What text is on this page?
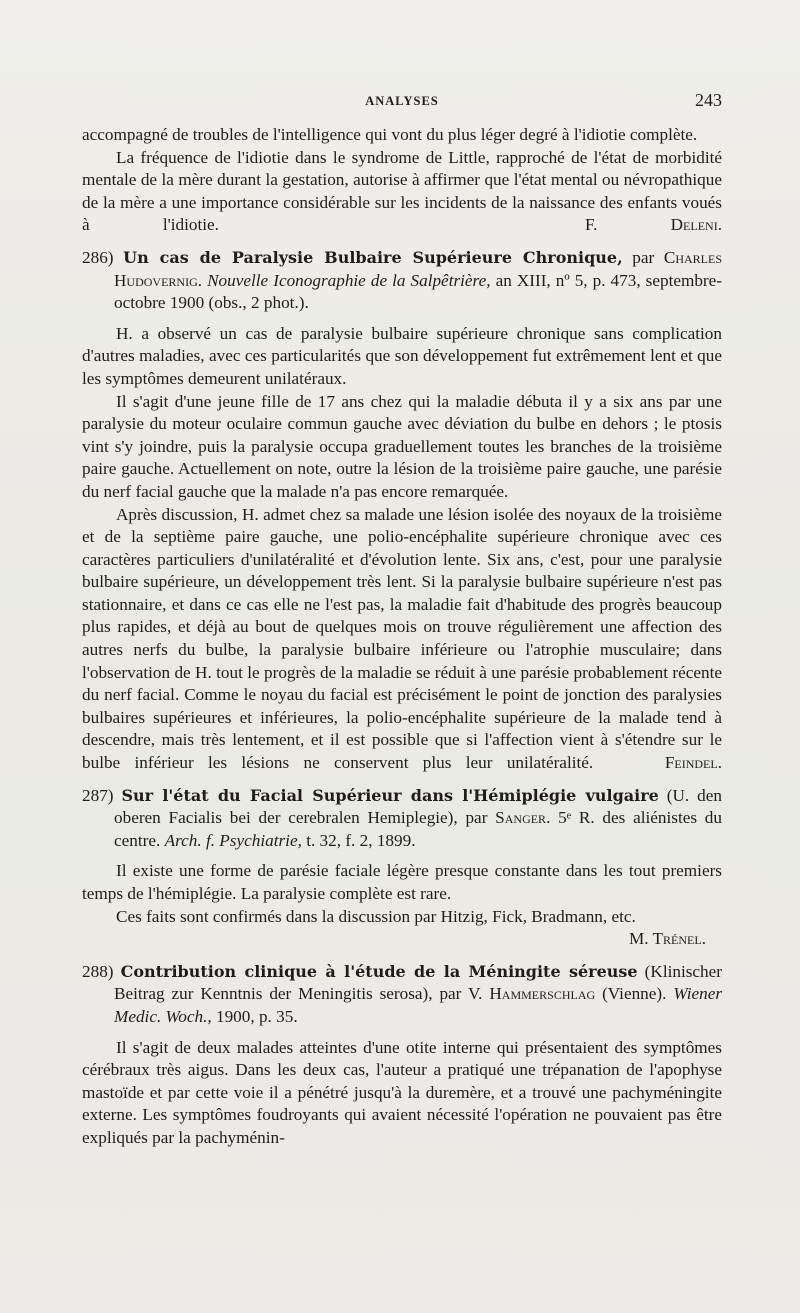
ANALYSES	243

accompagné de troubles de l'intelligence qui vont du plus léger degré à l'idiotie complète.

La fréquence de l'idiotie dans le syndrome de Little, rapproché de l'état de morbidité mentale de la mère durant la gestation, autorise à affirmer que l'état mental ou névropathique de la mère a une importance considérable sur les incidents de la naissance des enfants voués à l'idiotie.	F. Deleni.

286) Un cas de Paralysie Bulbaire Supérieure Chronique, par Charles Hudovernig. Nouvelle Iconographie de la Salpêtrière, an XIII, nº 5, p. 473, septembre-octobre 1900 (obs., 2 phot.).

H. a observé un cas de paralysie bulbaire supérieure chronique sans complication d'autres maladies, avec ces particularités que son développement fut extrêmement lent et que les symptômes demeurent unilatéraux.

Il s'agit d'une jeune fille de 17 ans chez qui la maladie débuta il y a six ans par une paralysie du moteur oculaire commun gauche avec déviation du bulbe en dehors ; le ptosis vint s'y joindre, puis la paralysie occupa graduellement toutes les branches de la troisième paire gauche. Actuellement on note, outre la lésion de la troisième paire gauche, une parésie du nerf facial gauche que la malade n'a pas encore remarquée.

Après discussion, H. admet chez sa malade une lésion isolée des noyaux de la troisième et de la septième paire gauche, une polio-encéphalite supérieure chronique avec ces caractères particuliers d'unilatéralité et d'évolution lente. Six ans, c'est, pour une paralysie bulbaire supérieure, un développement très lent. Si la paralysie bulbaire supérieure n'est pas stationnaire, et dans ce cas elle ne l'est pas, la maladie fait d'habitude des progrès beaucoup plus rapides, et déjà au bout de quelques mois on trouve régulièrement une affection des autres nerfs du bulbe, la paralysie bulbaire inférieure ou l'atrophie musculaire; dans l'observation de H. tout le progrès de la maladie se réduit à une parésie probablement récente du nerf facial. Comme le noyau du facial est précisément le point de jonction des paralysies bulbaires supérieures et inférieures, la polio-encéphalite supérieure de la malade tend à descendre, mais très lentement, et il est possible que si l'affection vient à s'étendre sur le bulbe inférieur les lésions ne conservent plus leur unilatéralité.	Feindel.

287) Sur l'état du Facial Supérieur dans l'Hémiplégie vulgaire (U. den oberen Facialis bei der cerebralen Hemiplegie), par Sanger. 5ᵉ R. des aliénistes du centre. Arch. f. Psychiatrie, t. 32, f. 2, 1899.

Il existe une forme de parésie faciale légère presque constante dans les tout premiers temps de l'hémiplégie. La paralysie complète est rare.

Ces faits sont confirmés dans la discussion par Hitzig, Fick, Bradmann, etc.

M. Trénel.

288) Contribution clinique à l'étude de la Méningite séreuse (Klinischer Beitrag zur Kenntnis der Meningitis serosa), par V. Hammerschlag (Vienne). Wiener Medic. Woch., 1900, p. 35.

Il s'agit de deux malades atteintes d'une otite interne qui présentaient des symptômes cérébraux très aigus. Dans les deux cas, l'auteur a pratiqué une trépanation de l'apophyse mastoïde et par cette voie il a pénétré jusqu'à la duremère, et a trouvé une pachyméningite externe. Les symptômes foudroyants qui avaient nécessité l'opération ne pouvaient pas être expliqués par la pachyménin-
